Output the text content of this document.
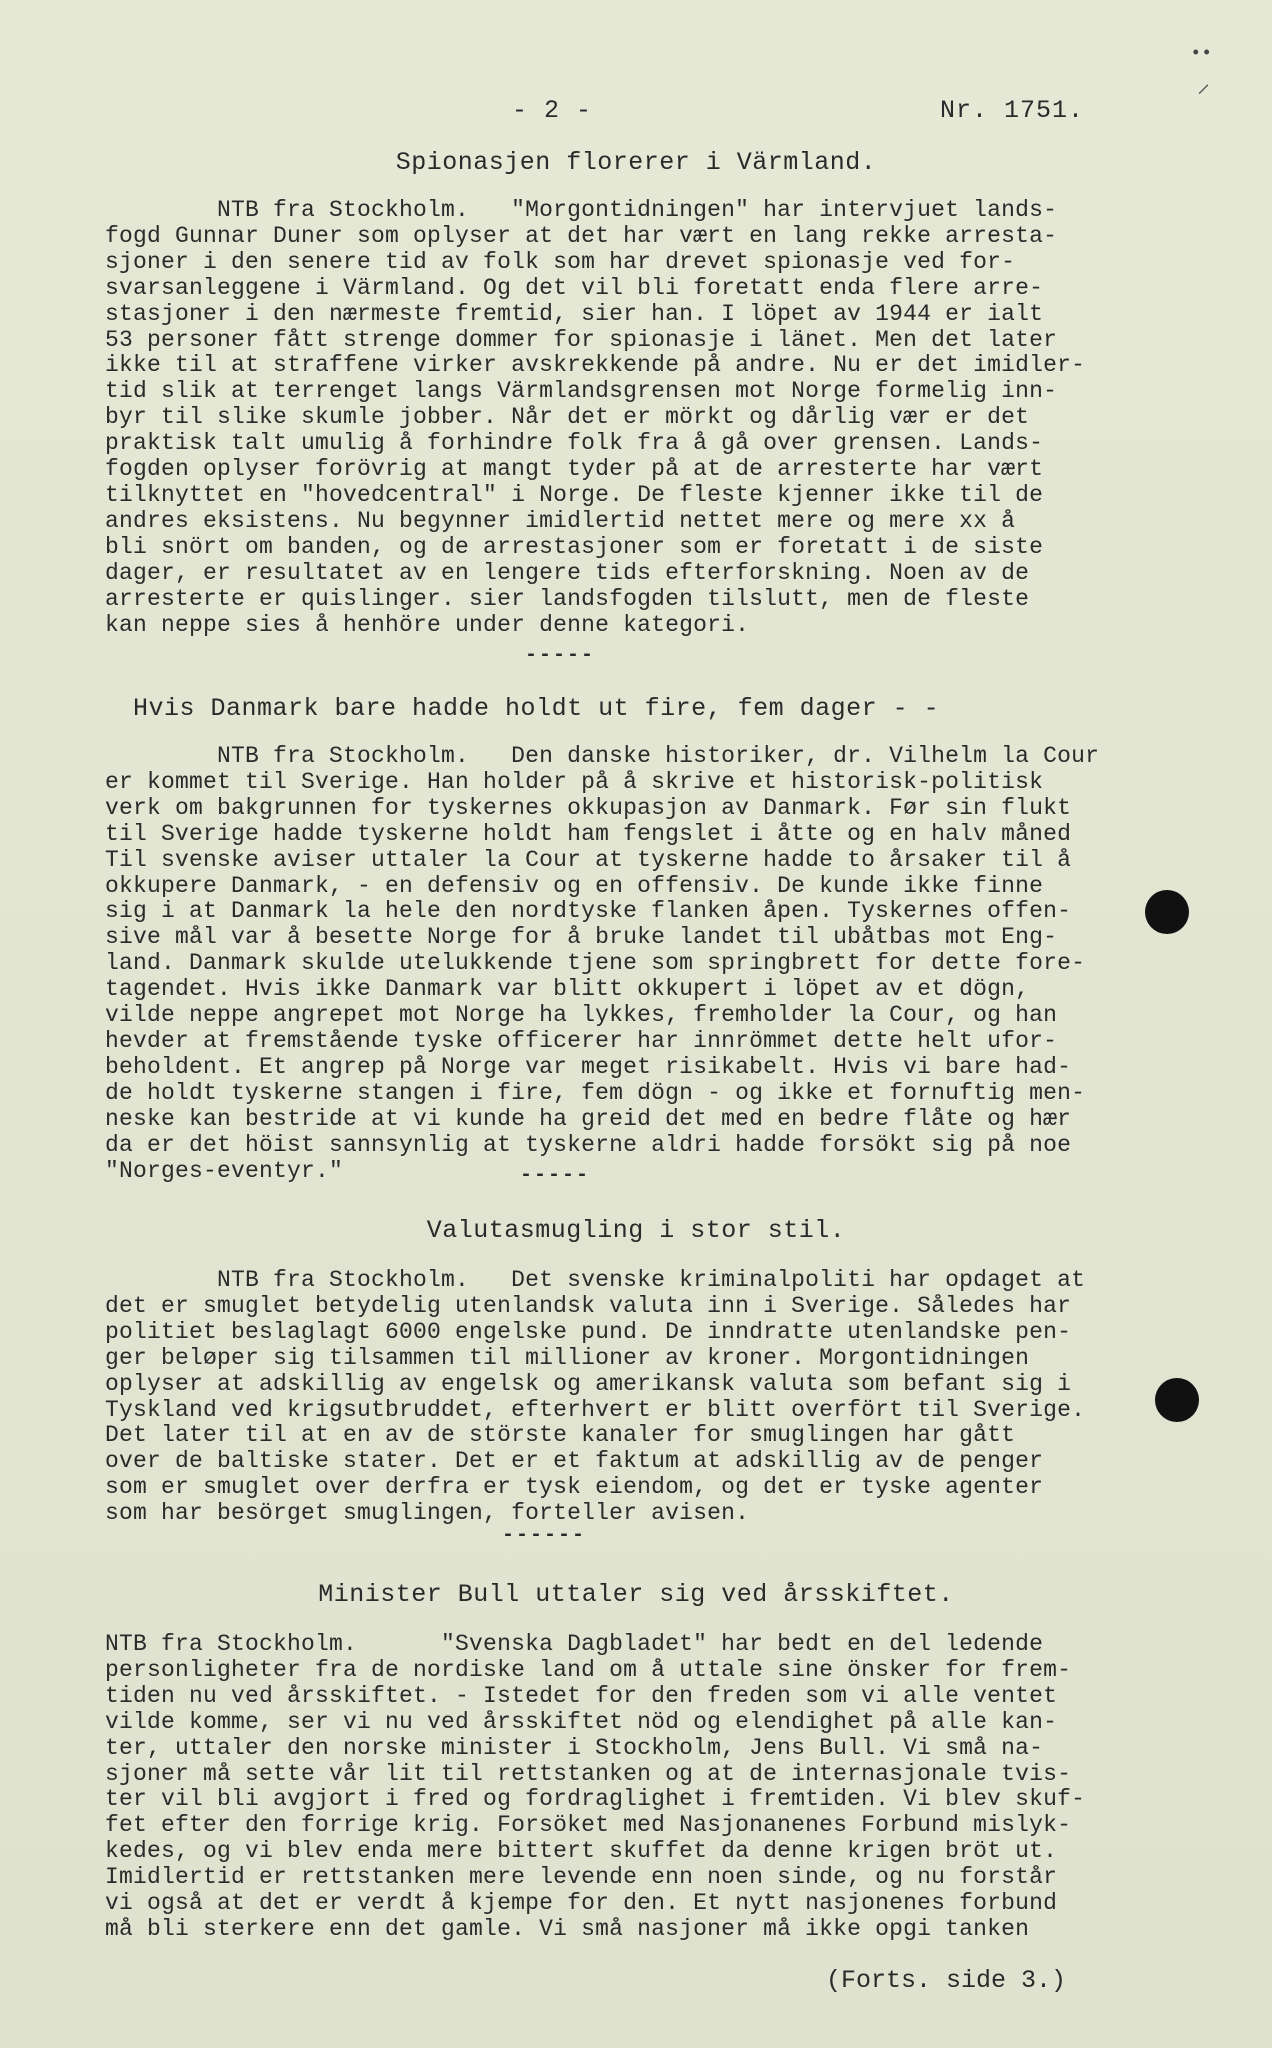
••
⸝
- 2 -	Nr. 1751.
Spionasjen florerer i Värmland.
NTB fra Stockholm.   "Morgontidningen" har intervjuet lands-
fogd Gunnar Duner som oplyser at det har vært en lang rekke arresta-
sjoner i den senere tid av folk som har drevet spionasje ved for-
svarsanleggene i Värmland. Og det vil bli foretatt enda flere arre-
stasjoner i den nærmeste fremtid, sier han. I löpet av 1944 er ialt
53 personer fått strenge dommer for spionasje i länet. Men det later
ikke til at straffene virker avskrekkende på andre. Nu er det imidler-
tid slik at terrenget langs Värmlandsgrensen mot Norge formelig inn-
byr til slike skumle jobber. Når det er mörkt og dårlig vær er det
praktisk talt umulig å forhindre folk fra å gå over grensen. Lands-
fogden oplyser forövrig at mangt tyder på at de arresterte har vært
tilknyttet en "hovedcentral" i Norge. De fleste kjenner ikke til de
andres eksistens. Nu begynner imidlertid nettet mere og mere xx å
bli snört om banden, og de arrestasjoner som er foretatt i de siste
dager, er resultatet av en lengere tids efterforskning. Noen av de
arresterte er quislinger. sier landsfogden tilslutt, men de fleste
kan neppe sies å henhöre under denne kategori.
-----
Hvis Danmark bare hadde holdt ut fire, fem dager - -
NTB fra Stockholm.   Den danske historiker, dr. Vilhelm la Cour
er kommet til Sverige. Han holder på å skrive et historisk-politisk
verk om bakgrunnen for tyskernes okkupasjon av Danmark. Før sin flukt
til Sverige hadde tyskerne holdt ham fengslet i åtte og en halv måned
Til svenske aviser uttaler la Cour at tyskerne hadde to årsaker til å
okkupere Danmark, - en defensiv og en offensiv. De kunde ikke finne
sig i at Danmark la hele den nordtyske flanken åpen. Tyskernes offen-
sive mål var å besette Norge for å bruke landet til ubåtbas mot Eng-
land. Danmark skulde utelukkende tjene som springbrett for dette fore-
tagendet. Hvis ikke Danmark var blitt okkupert i löpet av et dögn,
vilde neppe angrepet mot Norge ha lykkes, fremholder la Cour, og han
hevder at fremstående tyske officerer har innrömmet dette helt ufor-
beholdent. Et angrep på Norge var meget risikabelt. Hvis vi bare had-
de holdt tyskerne stangen i fire, fem dögn - og ikke et fornuftig men-
neske kan bestride at vi kunde ha greid det med en bedre flåte og hær
da er det höist sannsynlig at tyskerne aldri hadde forsökt sig på noe
"Norges-eventyr."	-----
Valutasmugling i stor stil.
NTB fra Stockholm.   Det svenske kriminalpoliti har opdaget at
det er smuglet betydelig utenlandsk valuta inn i Sverige. Således har
politiet beslaglagt 6000 engelske pund. De inndratte utenlandske pen-
ger beløper sig tilsammen til millioner av kroner. Morgontidningen
oplyser at adskillig av engelsk og amerikansk valuta som befant sig i
Tyskland ved krigsutbruddet, efterhvert er blitt overfört til Sverige.
Det later til at en av de störste kanaler for smuglingen har gått
over de baltiske stater. Det er et faktum at adskillig av de penger
som er smuglet over derfra er tysk eiendom, og det er tyske agenter
som har besörget smuglingen, forteller avisen.
------
Minister Bull uttaler sig ved årsskiftet.
NTB fra Stockholm.      "Svenska Dagbladet" har bedt en del ledende
personligheter fra de nordiske land om å uttale sine önsker for frem-
tiden nu ved årsskiftet. - Istedet for den freden som vi alle ventet
vilde komme, ser vi nu ved årsskiftet nöd og elendighet på alle kan-
ter, uttaler den norske minister i Stockholm, Jens Bull. Vi små na-
sjoner må sette vår lit til rettstanken og at de internasjonale tvis-
ter vil bli avgjort i fred og fordraglighet i fremtiden. Vi blev skuf-
fet efter den forrige krig. Forsöket med Nasjonanenes Forbund mislyk-
kedes, og vi blev enda mere bittert skuffet da denne krigen bröt ut.
Imidlertid er rettstanken mere levende enn noen sinde, og nu forstår
vi også at det er verdt å kjempe for den. Et nytt nasjonenes forbund
må bli sterkere enn det gamle. Vi små nasjoner må ikke opgi tanken
(Forts. side 3.)
